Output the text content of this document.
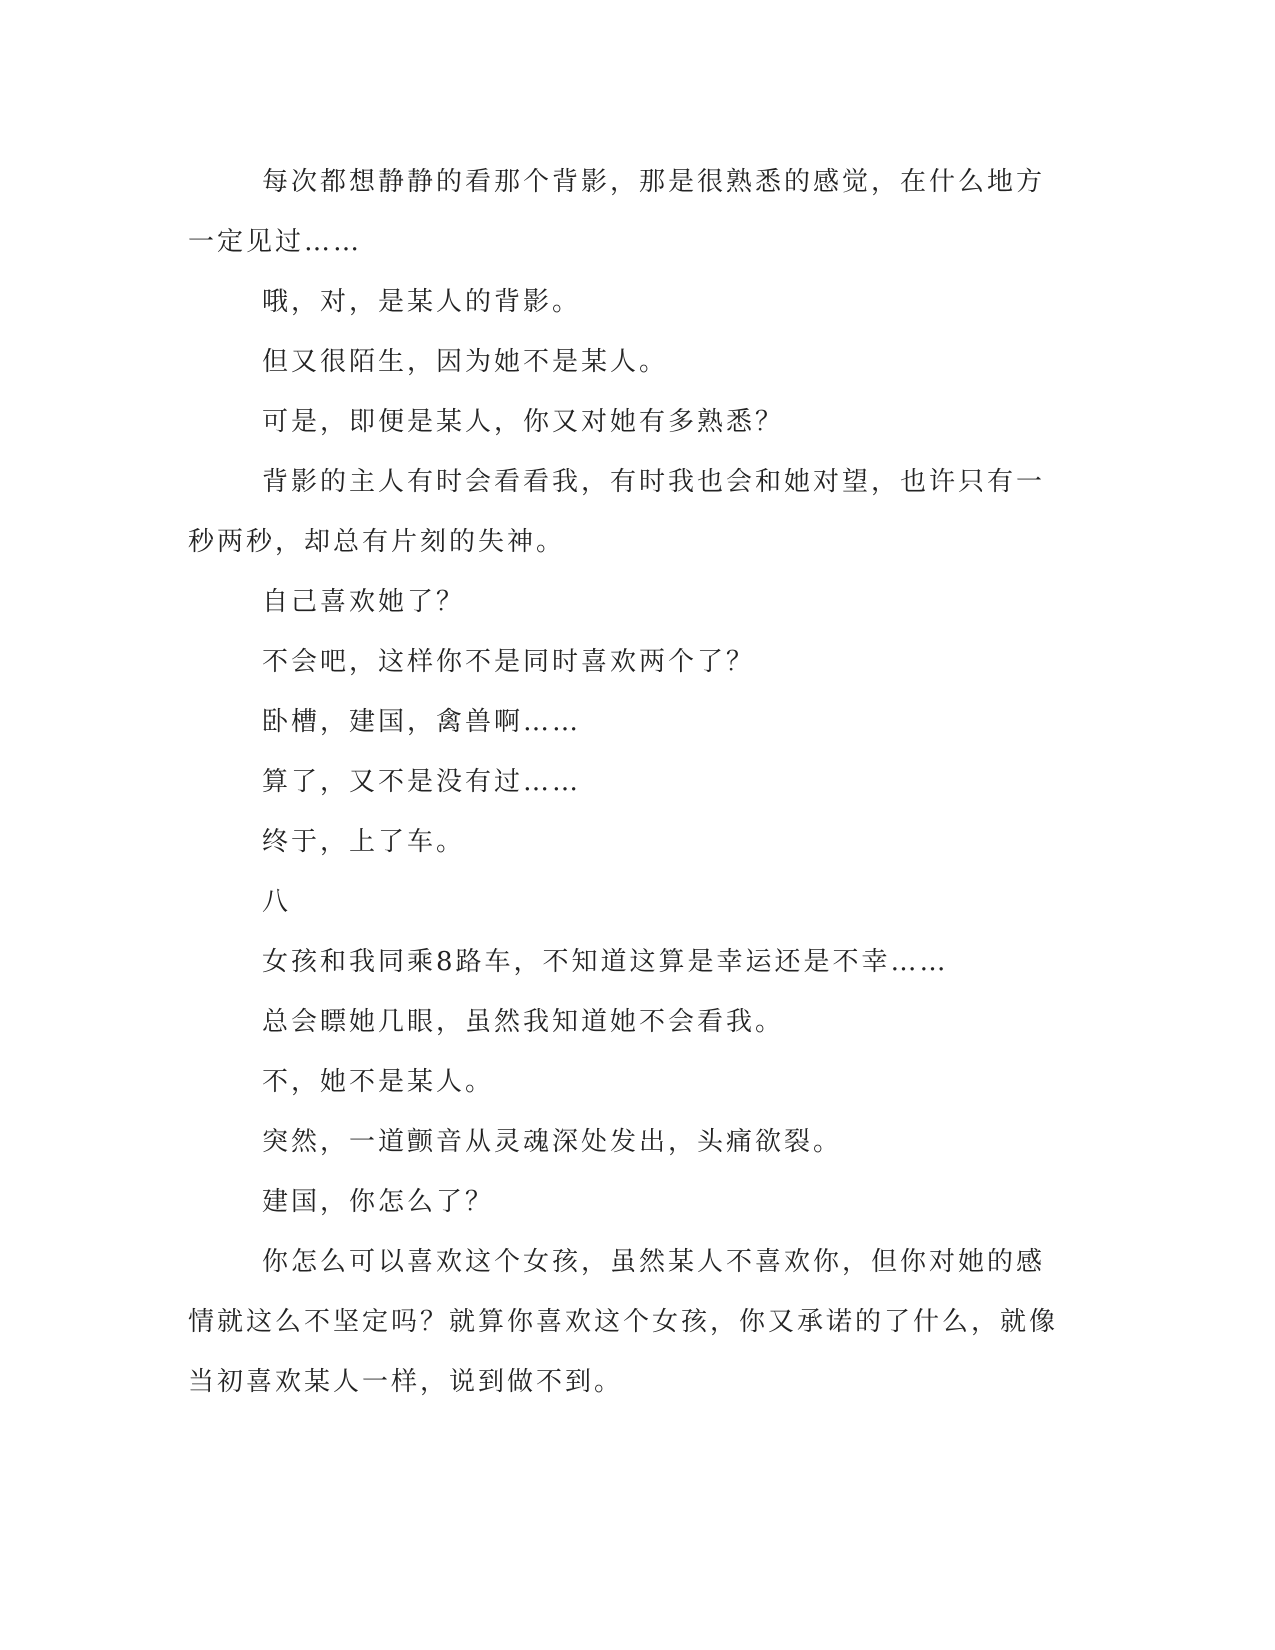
每次都想静静的看那个背影，那是很熟悉的感觉，在什么地方一定见过……

哦，对，是某人的背影。

但又很陌生，因为她不是某人。

可是，即便是某人，你又对她有多熟悉？

背影的主人有时会看看我，有时我也会和她对望，也许只有一秒两秒，却总有片刻的失神。

自己喜欢她了？

不会吧，这样你不是同时喜欢两个了？

卧槽，建国，禽兽啊……

算了，又不是没有过……

终于，上了车。

八

女孩和我同乘8路车，不知道这算是幸运还是不幸……

总会瞟她几眼，虽然我知道她不会看我。

不，她不是某人。

突然，一道颤音从灵魂深处发出，头痛欲裂。

建国，你怎么了？

你怎么可以喜欢这个女孩，虽然某人不喜欢你，但你对她的感情就这么不坚定吗？就算你喜欢这个女孩，你又承诺的了什么，就像当初喜欢某人一样，说到做不到。
